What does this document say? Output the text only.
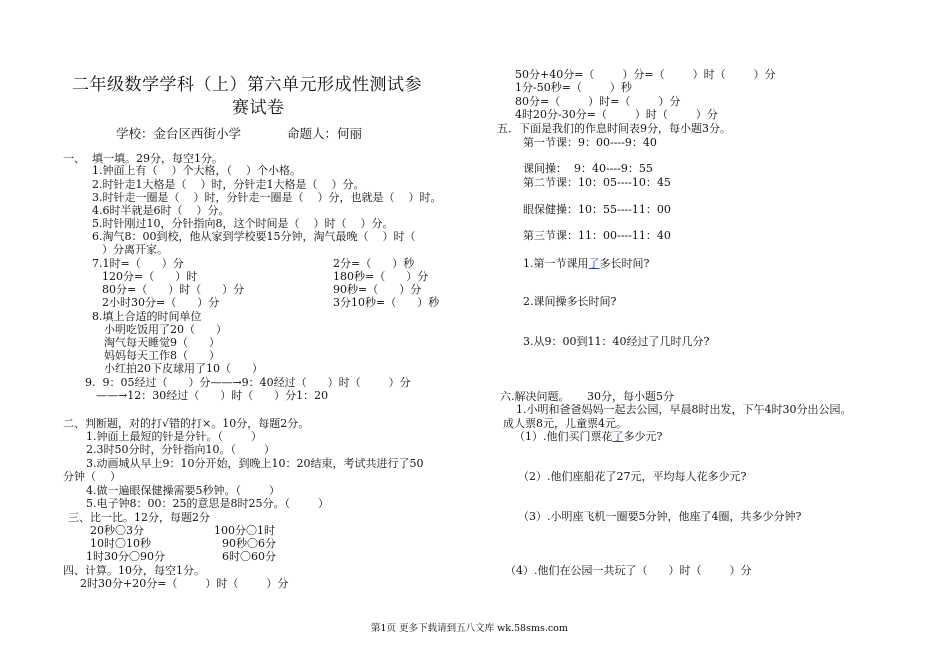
二年级数学学科（上）第六单元形成性测试参
赛试卷
学校：金台区西街小学	命题人：何丽
一、  填一填。29分，每空1分。
1.钟面上有（    ）个大格，（    ）个小格。
2.时针走1大格是（    ）时，分针走1大格是（    ）分。
3.时针走一圈是（    ）时，分针走一圈是（    ）分，也就是（    ）时。
4.6时半就是6时（    ）分。
5.时针刚过10，分针指向8，这个时间是（    ）时（    ）分。
6.淘气8：00到校，他从家到学校要15分钟，淘气最晚（    ）时（
）分离开家。
7.1时=（      ）分
120分=（      ）时
80分=（      ）时（      ）分
2小时30分=（      ）分
2分=（      ）秒
180秒=（      ）分
90秒=（      ）分
3分10秒=（      ）秒
8.填上合适的时间单位
小明吃饭用了20（      ）
淘气每天睡觉9（      ）
妈妈每天工作8（      ）
小红拍20下皮球用了10（      ）
9.  9：05经过（      ）分——→9：40经过（      ）时（        ）分
——→12：30经过（      ）时（      ）分1：20
二、判断题，对的打√错的打×。10分，每题2分。
1.钟面上最短的针是分针。（        ）
2.3时50分时，分针指向10。（        ）
3.动画城从早上9：10分开始，到晚上10：20结束，考试共进行了50
分钟（    ）
4.做一遍眼保健操需要5秒钟。（        ）
5.电子钟8：00：25的意思是8时25分。（        ）
三、比一比。12分，每题2分
20秒〇3分
10时〇10秒
1时30分〇90分
100分〇1时
90秒〇6分
6时〇60分
四、计算。10分，每空1分。
2时30分+20分=（        ）时（        ）分
50分+40分=（        ）分=（        ）时（        ）分
1分-50秒=（        ）秒
80分=（        ）时=（        ）分
4时20分-30分=（        ）时（        ）分
五．下面是我们的作息时间表9分，每小题3分。
第一节课：9：00----9：40
课间操：  9：40----9：55
第二节课：10：05----10：45
眼保健操：10：55----11：00
第三节课：11：00----11：40
1.第一节课用了多长时间?
2.课间操多长时间?
3.从9：00到11：40经过了几时几分?
六.解决问题。     30分，每小题5分
1.小明和爸爸妈妈一起去公园，早晨8时出发，下午4时30分出公园。
成人票8元，儿童票4元。
（1）.他们买门票花了多少元?
（2）.他们座船花了27元，平均每人花多少元?
（3）.小明座飞机一圈要5分钟，他座了4圈，共多少分钟?
（4）.他们在公园一共玩了（      ）时（        ）分
第1页 更多下载请到五八文库 wk.58sms.com
